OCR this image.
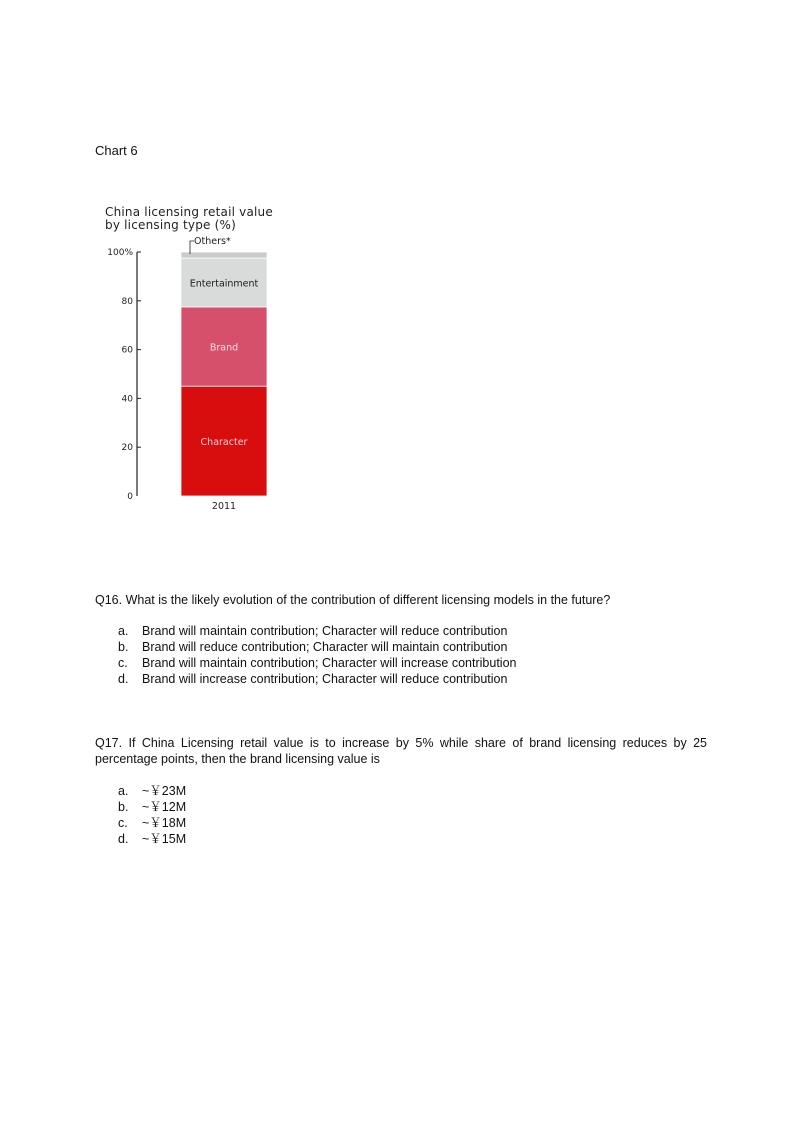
Chart 6
China licensing retail value
by licensing type (%)
Character
Brand
Entertainment
Others*
0
20
40
60
80
100%
2011
Q16. What is the likely evolution of the contribution of different licensing models in the future?
a.	Brand will maintain contribution; Character will reduce contribution
b.	Brand will reduce contribution; Character will maintain contribution
c.	Brand will maintain contribution; Character will increase contribution
d.	Brand will increase contribution; Character will reduce contribution
Q17. If China Licensing retail value is to increase by 5% while share of brand licensing reduces by 25 percentage points, then the brand licensing value is
a.	~￥23M
b.	~￥12M
c.	~￥18M
d.	~￥15M
